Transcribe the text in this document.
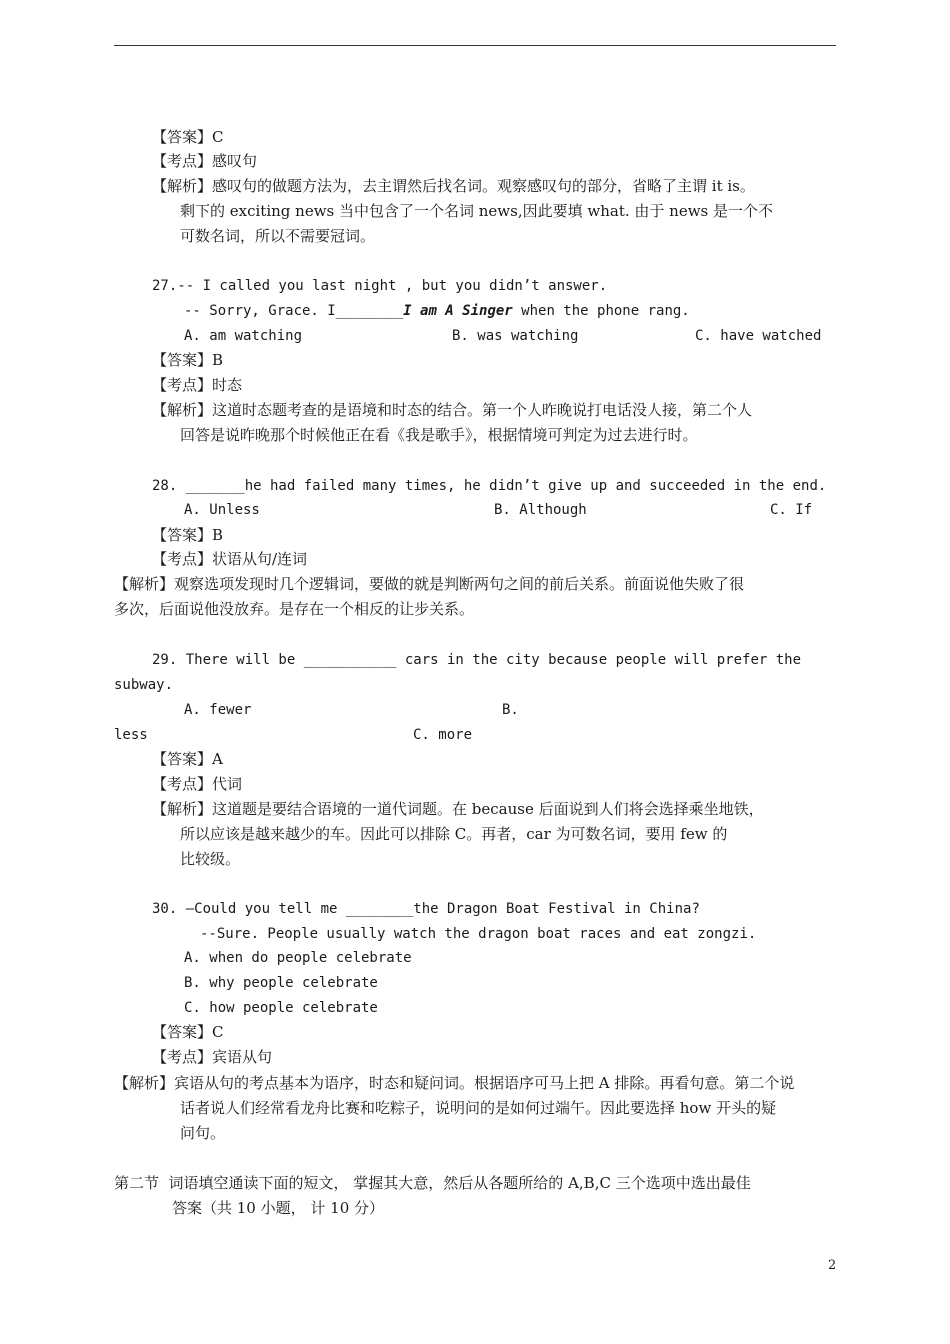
【答案】C
【考点】感叹句
【解析】感叹句的做题方法为，去主谓然后找名词。观察感叹句的部分，省略了主谓 it is。
剩下的 exciting news 当中包含了一个名词 news,因此要填 what. 由于 news 是一个不
可数名词，所以不需要冠词。
27.-- I called you last night , but you didn’t answer.
-- Sorry, Grace. I________I am A Singer when the phone rang.
A. am watching	B. was watching	C. have watched
【答案】B
【考点】时态
【解析】这道时态题考查的是语境和时态的结合。第一个人昨晚说打电话没人接，第二个人
回答是说昨晚那个时候他正在看《我是歌手》，根据情境可判定为过去进行时。
28. _______he had failed many times, he didn’t give up and succeeded in the end.
A. Unless	B. Although	C. If
【答案】B
【考点】状语从句/连词
【解析】观察选项发现时几个逻辑词，要做的就是判断两句之间的前后关系。前面说他失败了很
多次，后面说他没放弃。是存在一个相反的让步关系。
29. There will be ___________ cars in the city because people will prefer the
subway.
A. fewer	B.
less	C. more
【答案】A
【考点】代词
【解析】这道题是要结合语境的一道代词题。在 because 后面说到人们将会选择乘坐地铁，
所以应该是越来越少的车。因此可以排除 C。再者，car 为可数名词，要用 few 的
比较级。
30. –Could you tell me ________the Dragon Boat Festival in China?
--Sure. People usually watch the dragon boat races and eat zongzi.
A. when do people celebrate
B. why people celebrate
C. how people celebrate
【答案】C
【考点】宾语从句
【解析】宾语从句的考点基本为语序，时态和疑问词。根据语序可马上把 A 排除。再看句意。第二个说
话者说人们经常看龙舟比赛和吃粽子，说明问的是如何过端午。因此要选择 how 开头的疑
问句。
第二节  词语填空通读下面的短文， 掌握其大意，然后从各题所给的 A,B,C 三个选项中选出最佳
答案（共 10 小题， 计 10 分）
2
